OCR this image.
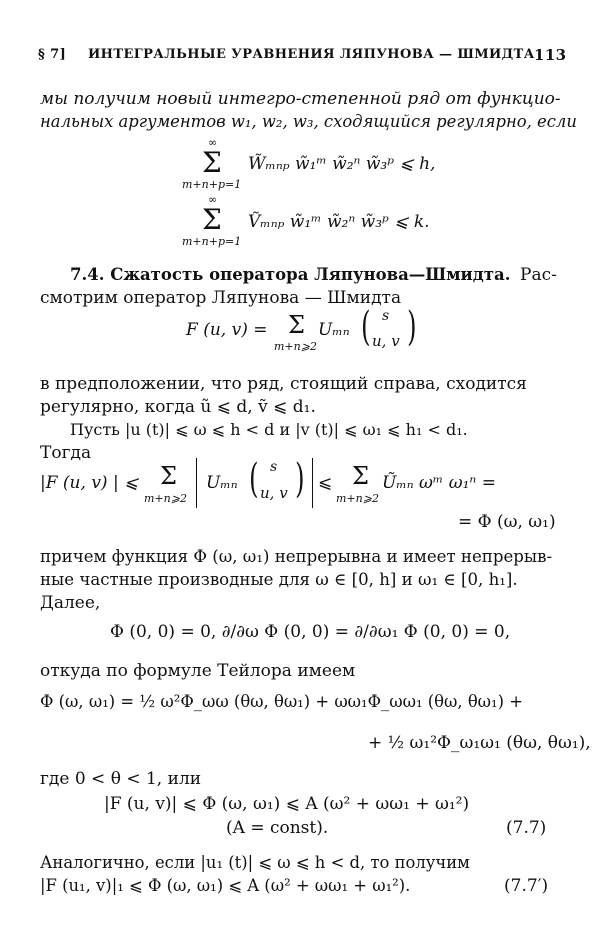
§ 7] ИНТЕГРАЛЬНЫЕ УРАВНЕНИЯ ЛЯПУНОВА — ШМИДТА 113
мы получим новый интегро-степенной ряд от функцио-
нальных аргументов w₁, w₂, w₃, сходящийся регулярно, если
∞
Σ
m+n+p=1
W̃ₘₙₚ w̃₁ᵐ w̃₂ⁿ w̃₃ᵖ ⩽ h,
∞
Σ
m+n+p=1
Ṽₘₙₚ w̃₁ᵐ w̃₂ⁿ w̃₃ᵖ ⩽ k.
7.4. Сжатость оператора Ляпунова—Шмидта. Рас-
смотрим оператор Ляпунова — Шмидта
F (u, v) = Σ
m+n⩾2
Uₘₙ ( s
u, v )
в предположении, что ряд, стоящий справа, сходится
регулярно, когда ũ ⩽ d, ṽ ⩽ d₁.
Пусть |u (t)| ⩽ ω ⩽ h < d и |v (t)| ⩽ ω₁ ⩽ h₁ < d₁.
Тогда
|F (u, v) | ⩽ Σ
m+n⩾2
Uₘₙ ( s
u, v ) ⩽ Σ
m+n⩾2
Ũₘₙ ωᵐ ω₁ⁿ =
= Φ (ω, ω₁)
причем функция Φ (ω, ω₁) непрерывна и имеет непрерыв-
ные частные производные для ω ∈ [0, h] и ω₁ ∈ [0, h₁].
Далее,
Φ (0, 0) = 0, ∂/∂ω Φ (0, 0) = ∂/∂ω₁ Φ (0, 0) = 0,
откуда по формуле Тейлора имеем
Φ (ω, ω₁) = ½ ω²Φ_ωω (θω, θω₁) + ωω₁Φ_ωω₁ (θω, θω₁) +
+ ½ ω₁²Φ_ω₁ω₁ (θω, θω₁),
где 0 < θ < 1, или
|F (u, v)| ⩽ Φ (ω, ω₁) ⩽ A (ω² + ωω₁ + ω₁²)
(A = const).	(7.7)
Аналогично, если |u₁ (t)| ⩽ ω ⩽ h < d, то получим
|F (u₁, v)|₁ ⩽ Φ (ω, ω₁) ⩽ A (ω² + ωω₁ + ω₁²).	(7.7′)
